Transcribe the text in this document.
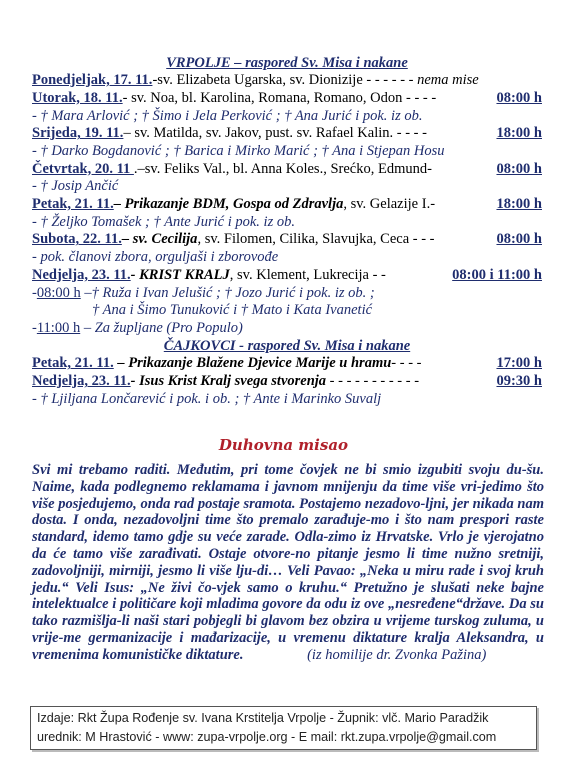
VRPOLJE – raspored Sv. Misa i nakane
Ponedjeljak, 17. 11.-sv. Elizabeta Ugarska, sv. Dionizije - - - - - - nema mise
Utorak, 18. 11.- sv. Noa, bl. Karolina, Romana, Romano, Odon - - - -	08:00 h
- † Mara Arlović ; † Šimo i Jela Perković ; † Ana Jurić i pok. iz ob.
Srijeda, 19. 11.– sv. Matilda, sv. Jakov, pust. sv. Rafael Kalin. - - - -	18:00 h
- † Darko Bogdanović ; † Barica i Mirko Marić ; † Ana i Stjepan Hosu
Četvrtak, 20. 11 .–sv. Feliks Val., bl. Anna Koles., Srećko, Edmund-	08:00 h
- † Josip Ančić
Petak, 21. 11.– Prikazanje BDM, Gospa od Zdravlja, sv. Gelazije I.-	18:00 h
- † Željko Tomašek ; † Ante Jurić i pok. iz ob.
Subota, 22. 11.– sv. Cecilija, sv. Filomen, Cilika, Slavujka, Ceca - - -	08:00 h
- pok. članovi zbora, orguljaši i zborovođe
Nedjelja, 23. 11.- KRIST KRALJ, sv. Klement, Lukrecija - -	08:00 i 11:00 h
-08:00 h –† Ruža i Ivan Jelušić ; † Jozo Jurić i pok. iz ob. ;
† Ana i Šimo Tunuković i † Mato i Kata Ivanetić
-11:00 h – Za župljane (Pro Populo)
ČAJKOVCI - raspored Sv. Misa i nakane
Petak, 21. 11. – Prikazanje Blažene Djevice Marije u hramu- - - -	17:00 h
Nedjelja, 23. 11.- Isus Krist Kralj svega stvorenja - - - - - - - - - - -	09:30 h
- † Ljiljana Lončarević i pok. i ob. ; † Ante i Marinko Suvalj
Duhovna misao
Svi mi trebamo raditi. Međutim, pri tome čovjek ne bi smio izgubiti svoju du-šu. Naime, kada podlegnemo reklamama i javnom mnijenju da time više vri-jedimo što više posjedujemo, onda rad postaje sramota. Postajemo nezadovo-ljni, jer nikada nam dosta. I onda, nezadovoljni time što premalo zarađuje-mo i što nam prespori raste standard, idemo tamo gdje su veće zarade. Odla-zimo iz Hrvatske. Vrlo je vjerojatno da će tamo više zarađivati. Ostaje otvore-no pitanje jesmo li time nužno sretniji, zadovoljniji, mirniji, jesmo li više lju-di… Veli Pavao: „Neka u miru rade i svoj kruh jedu.“ Veli Isus: „Ne živi čo-vjek samo o kruhu.“ Pretužno je slušati neke bajne intelektualce i političare koji mladima govore da odu iz ove „nesređene“države. Da su tako razmišlja-li naši stari pobjegli bi glavom bez obzira u vrijeme turskog zuluma, u vrije-me germanizacije i mađarizacije, u vremenu diktature kralja Aleksandra, u vremenima komunističke diktature.	(iz homilije dr. Zvonka Pažina)
Izdaje: Rkt Župa Rođenje sv. Ivana Krstitelja Vrpolje - Župnik: vlč. Mario Paradžik
urednik: M Hrastović - www: zupa-vrpolje.org - E mail: rkt.zupa.vrpolje@gmail.com
